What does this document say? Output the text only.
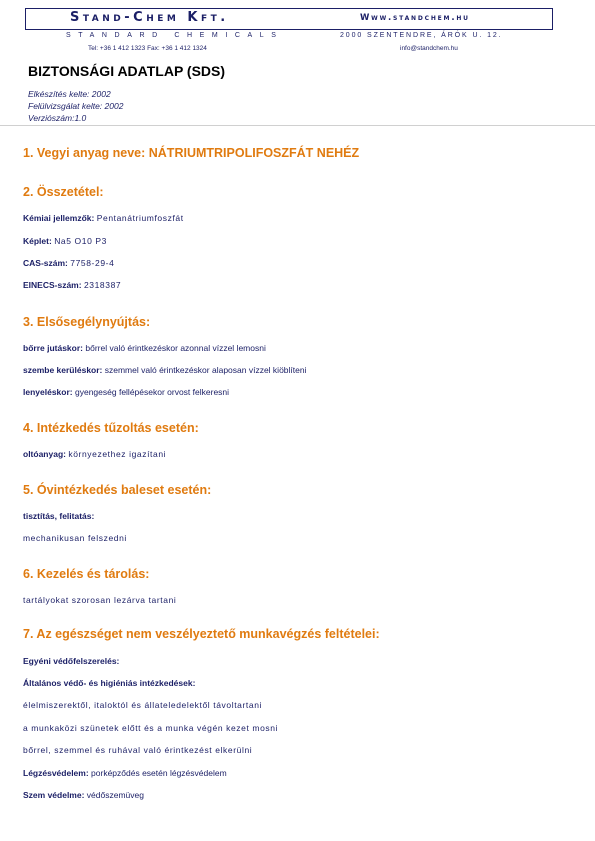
Stand-Chem Kft.	Www.standchem.hu
STANDARD CHEMICALS	2000 SZENTENDRE, ÁRÓK U. 12.
Tel: +36 1 412 1323 Fax: +36 1 412 1324	info@standchem.hu
BIZTONSÁGI ADATLAP (SDS)
Elkészítés kelte: 2002
Felülvizsgálat kelte: 2002
Verziószám:1.0
1. Vegyi anyag neve: NÁTRIUMTRIPOLIFOSZFÁT NEHÉZ
2. Összetétel:
Kémiai jellemzők: Pentanátriumfoszfát
Képlet: Na5 O10 P3
CAS-szám: 7758-29-4
EINECS-szám: 2318387
3. Elsősegélynyújtás:
bőrre jutáskor: bőrrel való érintkezéskor azonnal vízzel lemosni
szembe kerüléskor: szemmel való érintkezéskor alaposan vízzel kiöblíteni
lenyeléskor: gyengeség fellépésekor orvost felkeresni
4. Intézkedés tűzoltás esetén:
oltóanyag: környezethez igazítani
5. Óvintézkedés baleset esetén:
tisztítás, felitatás:
mechanikusan felszedni
6. Kezelés és tárolás:
tartályokat szorosan lezárva tartani
7. Az egészséget nem veszélyeztető munkavégzés feltételei:
Egyéni védőfelszerelés:
Általános védő- és higiéniás intézkedések:
élelmiszerektől, italoktól és állateledelektől távoltartani
a munkaközi szünetek előtt és a munka végén kezet mosni
bőrrel, szemmel és ruhával való érintkezést elkerülni
Légzésvédelem: porképződés esetén légzésvédelem
Szem védelme: védőszemüveg
